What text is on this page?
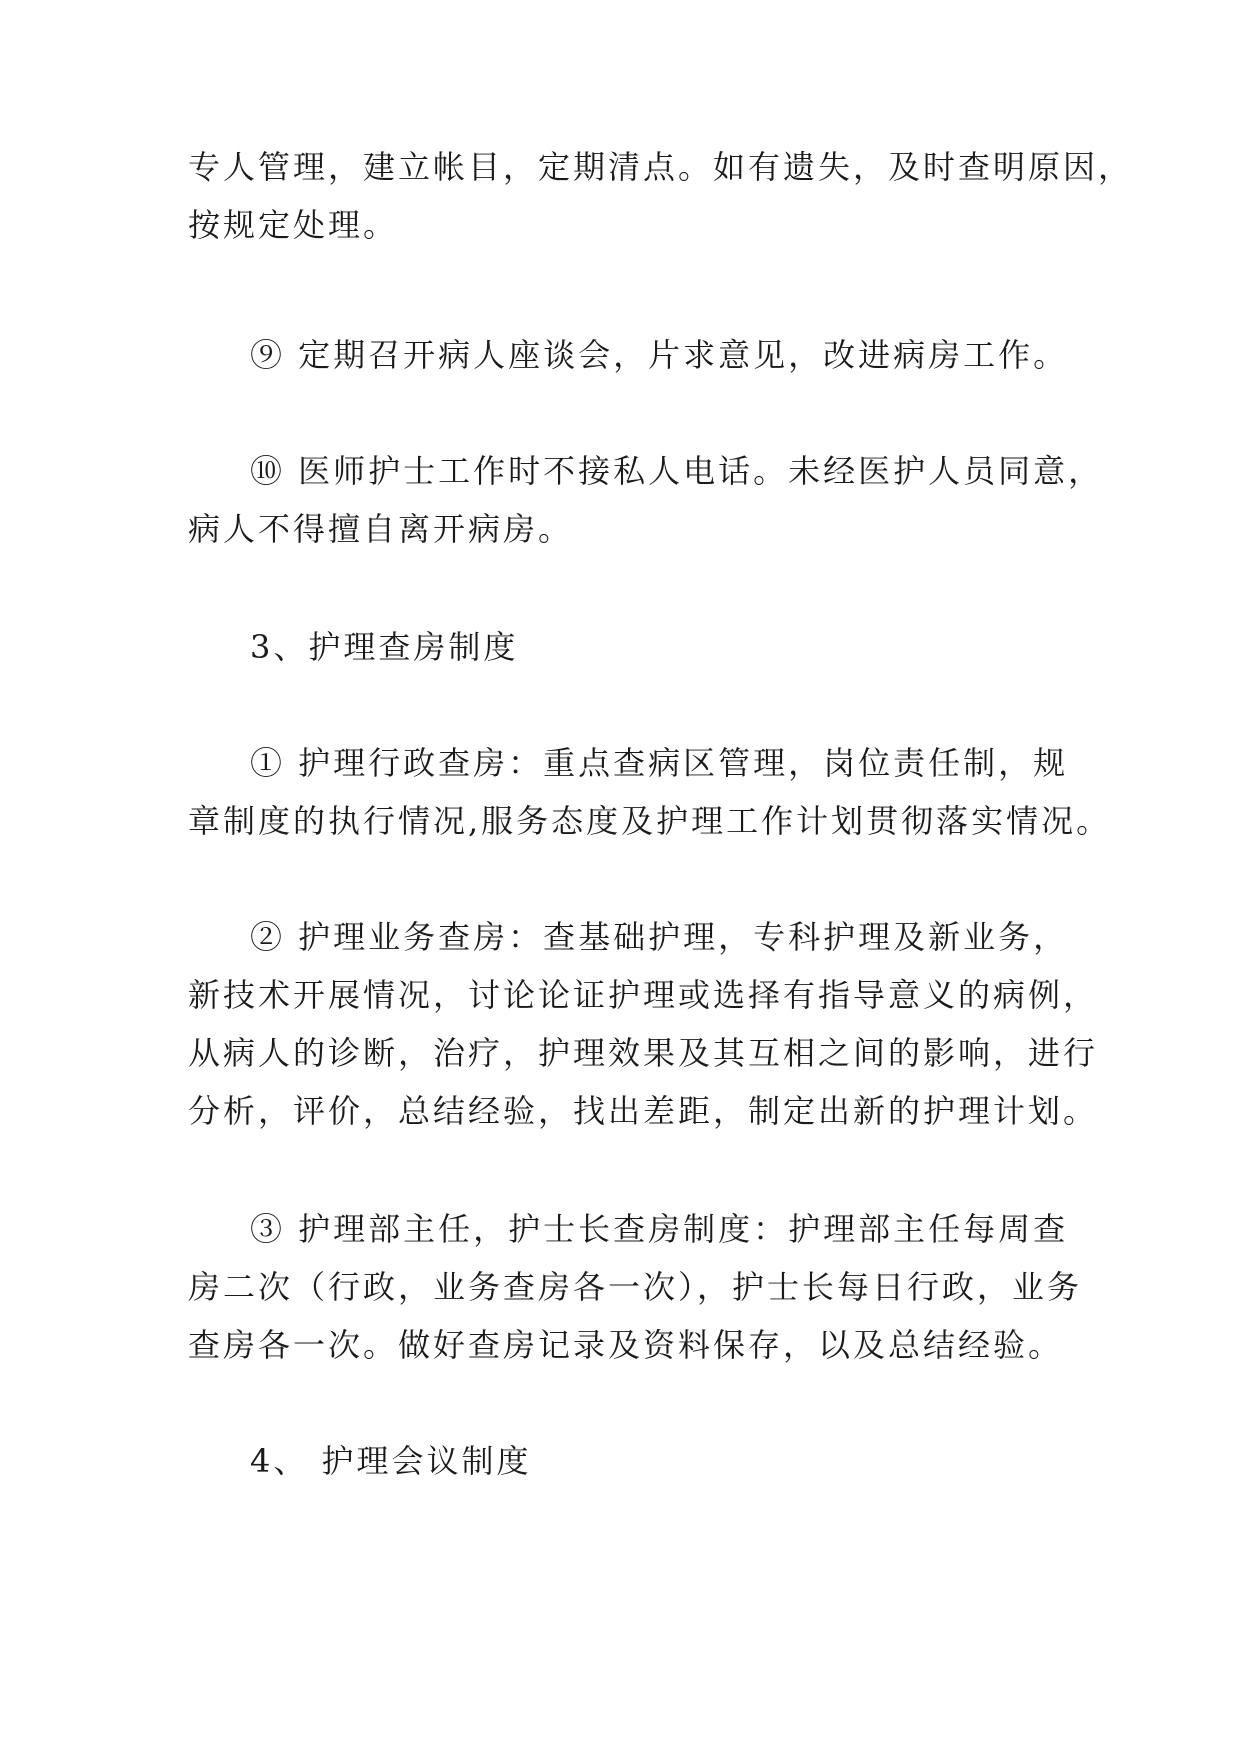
专人管理，建立帐目，定期清点。如有遗失，及时查明原因，
按规定处理。
⑨ 定期召开病人座谈会，片求意见，改进病房工作。
⑩ 医师护士工作时不接私人电话。未经医护人员同意，
病人不得擅自离开病房。
3、护理查房制度
① 护理行政查房：重点查病区管理，岗位责任制，规
章制度的执行情况,服务态度及护理工作计划贯彻落实情况。
② 护理业务查房：查基础护理，专科护理及新业务，
新技术开展情况，讨论论证护理或选择有指导意义的病例，
从病人的诊断，治疗，护理效果及其互相之间的影响，进行
分析，评价，总结经验，找出差距，制定出新的护理计划。
③ 护理部主任，护士长查房制度：护理部主任每周查
房二次（行政，业务查房各一次），护士长每日行政，业务
查房各一次。做好查房记录及资料保存，以及总结经验。
4、 护理会议制度
